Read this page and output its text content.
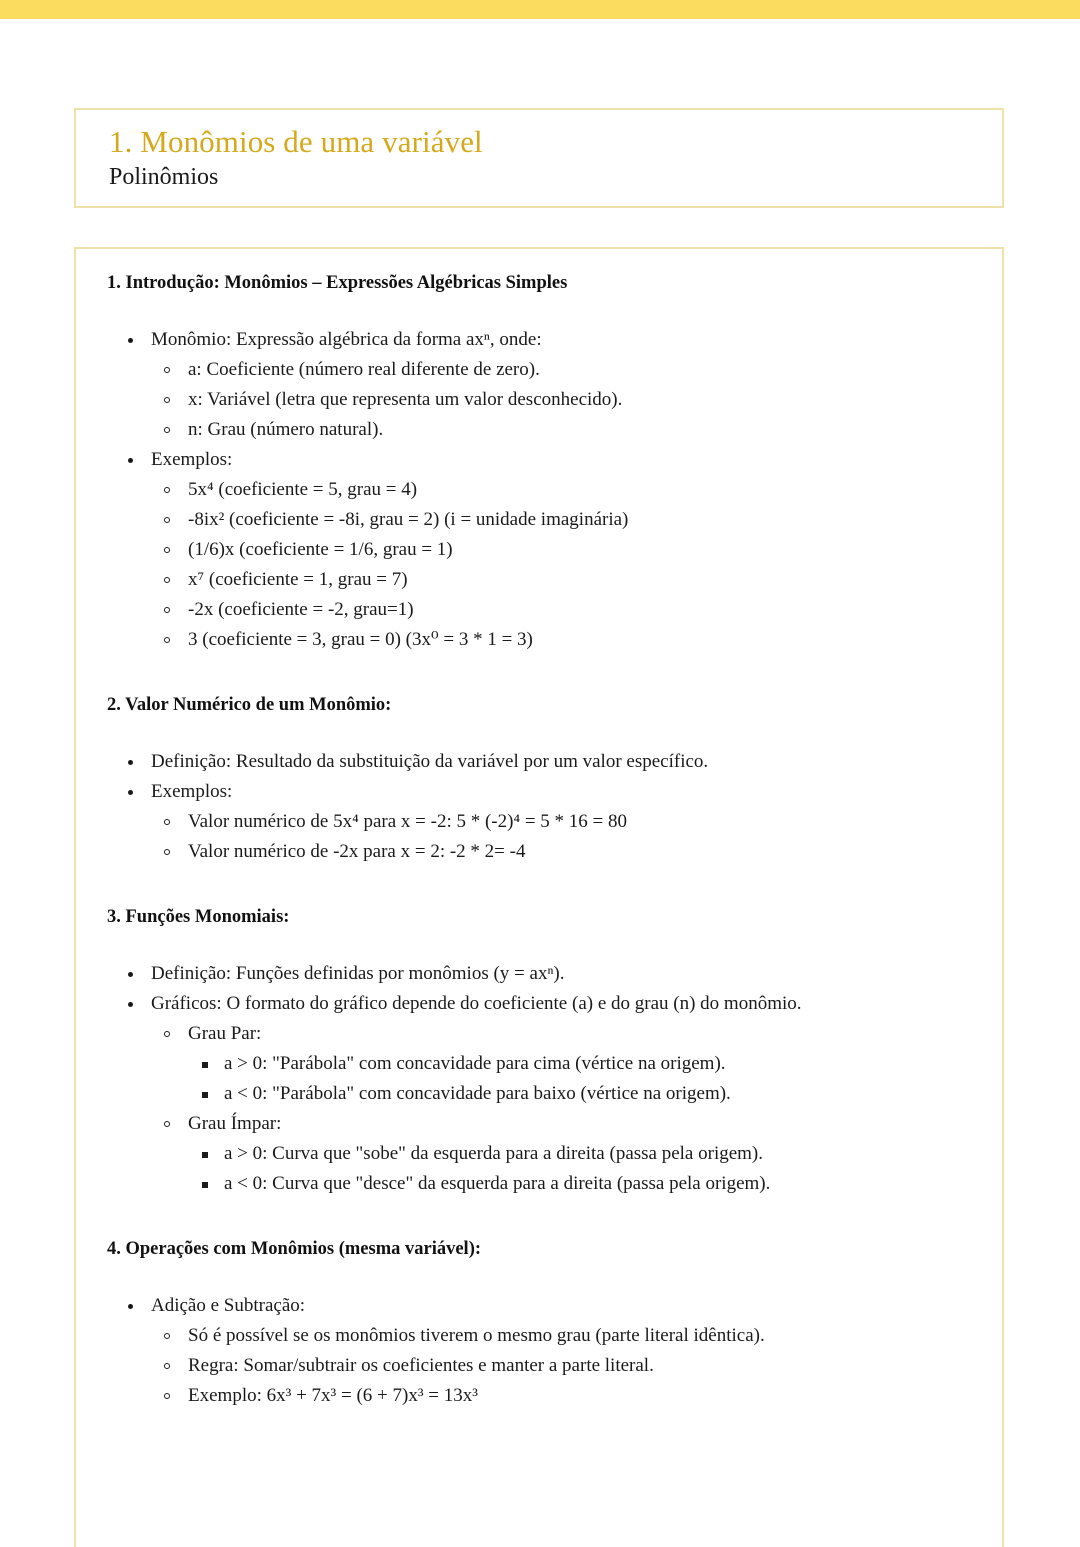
1. Monômios de uma variável
Polinômios
1. Introdução: Monômios – Expressões Algébricas Simples
Monômio: Expressão algébrica da forma axⁿ, onde:
a: Coeficiente (número real diferente de zero).
x: Variável (letra que representa um valor desconhecido).
n: Grau (número natural).
Exemplos:
5x⁴ (coeficiente = 5, grau = 4)
-8ix² (coeficiente = -8i, grau = 2) (i = unidade imaginária)
(1/6)x (coeficiente = 1/6, grau = 1)
x⁷ (coeficiente = 1, grau = 7)
-2x (coeficiente = -2, grau=1)
3 (coeficiente = 3, grau = 0) (3x⁰ = 3 * 1 = 3)
2. Valor Numérico de um Monômio:
Definição: Resultado da substituição da variável por um valor específico.
Exemplos:
Valor numérico de 5x⁴ para x = -2: 5 * (-2)⁴ = 5 * 16 = 80
Valor numérico de -2x para x = 2: -2 * 2= -4
3. Funções Monomiais:
Definição: Funções definidas por monômios (y = axⁿ).
Gráficos: O formato do gráfico depende do coeficiente (a) e do grau (n) do monômio.
Grau Par:
a > 0: "Parábola" com concavidade para cima (vértice na origem).
a < 0: "Parábola" com concavidade para baixo (vértice na origem).
Grau Ímpar:
a > 0: Curva que "sobe" da esquerda para a direita (passa pela origem).
a < 0: Curva que "desce" da esquerda para a direita (passa pela origem).
4. Operações com Monômios (mesma variável):
Adição e Subtração:
Só é possível se os monômios tiverem o mesmo grau (parte literal idêntica).
Regra: Somar/subtrair os coeficientes e manter a parte literal.
Exemplo: 6x³ + 7x³ = (6 + 7)x³ = 13x³
